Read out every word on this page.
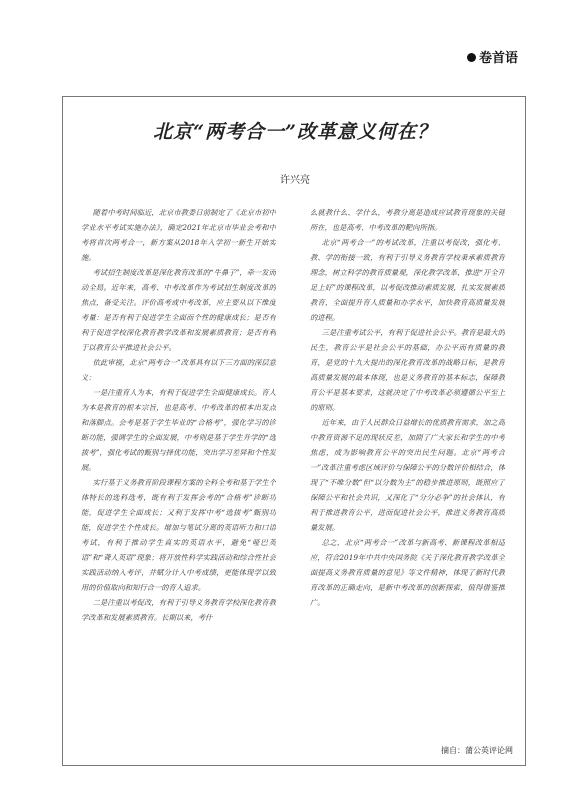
卷首语
北京“两考合一”改革意义何在？
许兴亮

随着中考时间临近，北京市教委日前制定了《北京市初中学业水平考试实施办法》，确定2021年北京市毕业会考和中考将首次两考合一，新方案从2018年入学初一新生开始实施。

考试招生制度改革是深化教育改革的“牛鼻子”，牵一发而动全局。近年来，高考、中考改革作为考试招生制度改革的焦点，备受关注。评价高考或中考改革，应主要从以下维度考量：是否有利于促进学生全面而个性的健康成长；是否有利于促进学校深化教育教学改革和发展素质教育；是否有利于以教育公平推进社会公平。

依此审视，北京“两考合一”改革具有以下三方面的深层意义：

一是注重育人为本，有利于促进学生全面健康成长。育人为本是教育的根本宗旨，也是高考、中考改革的根本出发点和落脚点。会考是基于学生毕业的“合格考”，强化学习的诊断功能，强调学生的全面发展，中考则是基于学生升学的“选拔考”，强化考试的甄别与择优功能，突出学习差异和个性发展。

实行基于义务教育阶段课程方案的全科全考和基于学生个体特长的选科选考，既有利于发挥会考的“合格考”诊断功能，促进学生全面成长；又利于发挥中考“选拔考”甄别功能，促进学生个性成长。增加与笔试分离的英语听力和口语考试，有利于推动学生真实的英语水平，避免“哑巴英语”和“聋人英语”现象；将开放性科学实践活动和综合性社会实践活动纳入考评，并赋分计入中考成绩，更能体现学以致用的价值取向和知行合一的育人追求。

二是注重以考促改，有利于引导义务教育学校深化教育教学改革和发展素质教育。长期以来，考什

么就教什么、学什么，考教分离是造成应试教育现象的关键所在，也是高考、中考改革的靶向所指。

北京“两考合一”的考试改革，注重以考促改，强化考、教、学的衔接一致，有利于引导义务教育学校秉承素质教育理念，树立科学的教育质量观，深化教学改革，推进“开全开足上好”的课程改革，以考促改推动素质发展，扎实发展素质教育，全面提升育人质量和办学水平，加快教育高质量发展的进程。

三是注重考试公平，有利于促进社会公平。教育是最大的民生，教育公平是社会公平的基础，办公平而有质量的教育，是党的十九大提出的深化教育改革的战略目标，是教育高质量发展的最本体现，也是义务教育的基本标志，保障教育公平是基本要求，这就决定了中考改革必须遵循公平至上的原则。

近年来，由于人民群众日益增长的优质教育需求，加之高中教育资源不足的现状反差，加剧了广大家长和学生的中考焦虑，成为影响教育公平的突出民生问题。北京“两考合一”改革注重考虑区域评价与保障公平的分数评价相结合，体现了“不唯分数”但“以分数为主”的稳步推进原则，既照应了保障公平和社会共识，又深化了“分分必争”的社会体认，有利于推进教育公平，进而促进社会公平，推进义务教育高质量发展。

总之，北京“两考合一”改革与新高考、新课程改革相适应，符合2019年中共中央国务院《关于深化教育教学改革全面提高义务教育质量的意见》等文件精神，体现了新时代教育改革的正确走向，是新中考改革的创新探索，值得借鉴推广。

摘自：蒲公英评论网
